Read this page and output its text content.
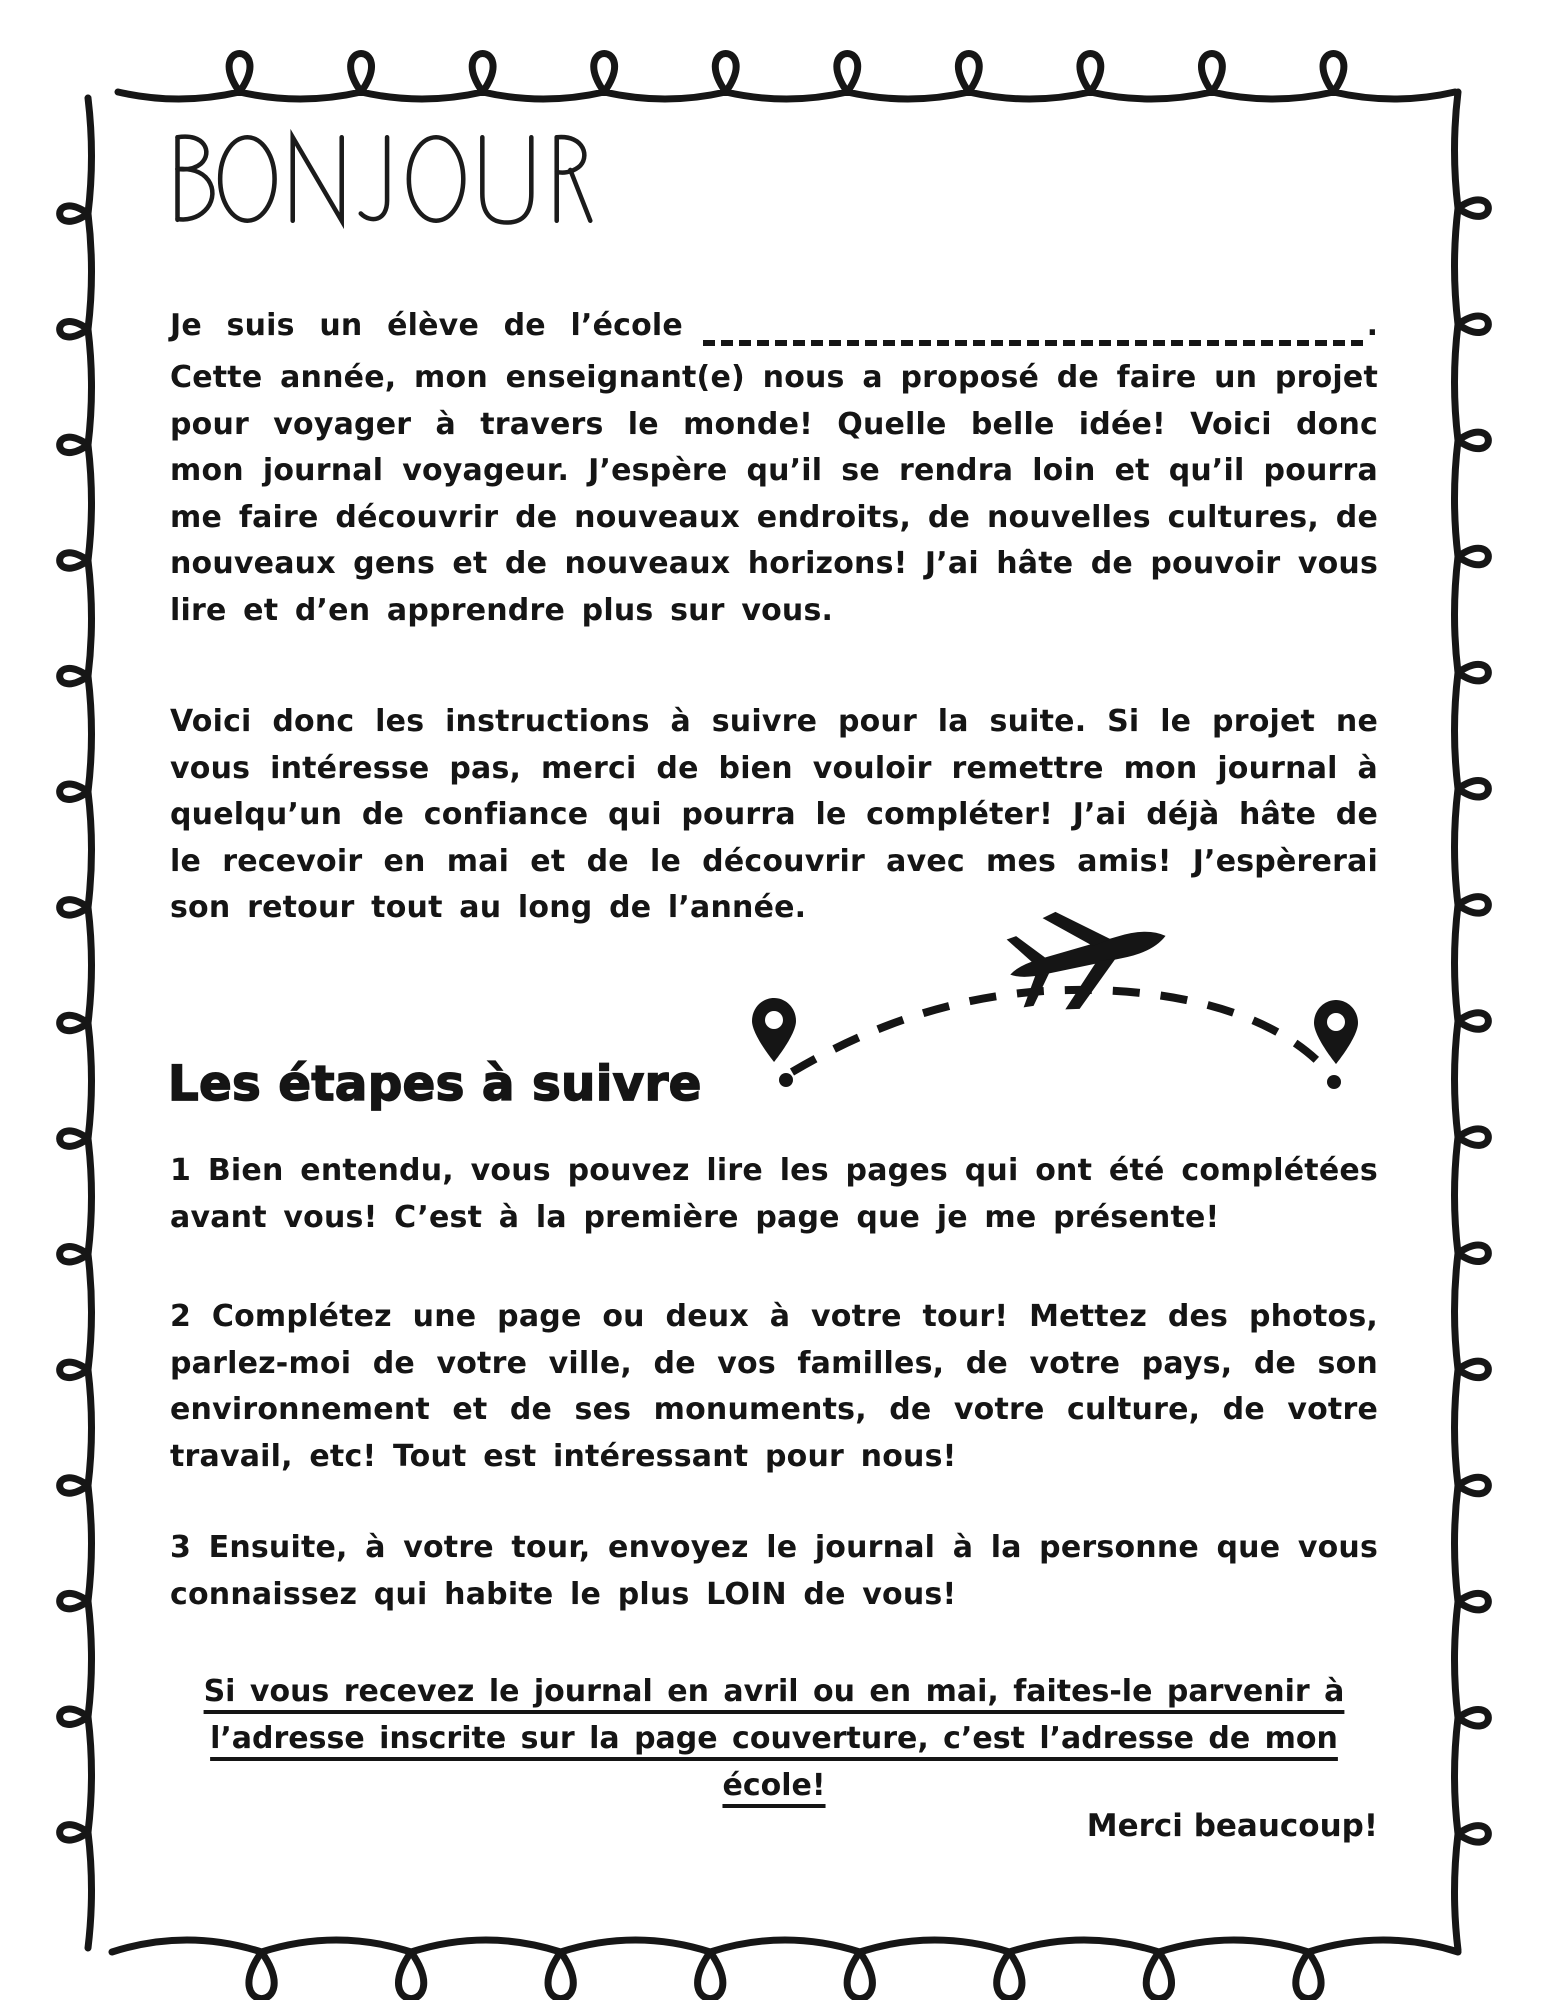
Je suis un élève de l’école	.
Cette année, mon enseignant(e) nous a proposé de faire un projet pour voyager à travers le monde! Quelle belle idée! Voici donc mon journal voyageur. J’espère qu’il se rendra loin et qu’il pourra me faire découvrir de nouveaux endroits, de nouvelles cultures, de nouveaux gens et de nouveaux horizons! J’ai hâte de pouvoir vous lire et d’en apprendre plus sur vous.
Voici donc les instructions à suivre pour la suite. Si le projet ne vous intéresse pas, merci de bien vouloir remettre mon journal à quelqu’un de confiance qui pourra le compléter! J’ai déjà hâte de le recevoir en mai et de le découvrir avec mes amis! J’espèrerai son retour tout au long de l’année.
Les étapes à suivre
1 Bien entendu, vous pouvez lire les pages qui ont été complétées avant vous! C’est à la première page que je me présente!
2 Complétez une page ou deux à votre tour! Mettez des photos, parlez-moi de votre ville, de vos familles, de votre pays, de son environnement et de ses monuments, de votre culture, de votre travail, etc! Tout est intéressant pour nous!
3 Ensuite, à votre tour, envoyez le journal à la personne que vous connaissez qui habite le plus LOIN de vous!
Si vous recevez le journal en avril ou en mai, faites-le parvenir à l’adresse inscrite sur la page couverture, c’est l’adresse de mon école!
Merci beaucoup!
